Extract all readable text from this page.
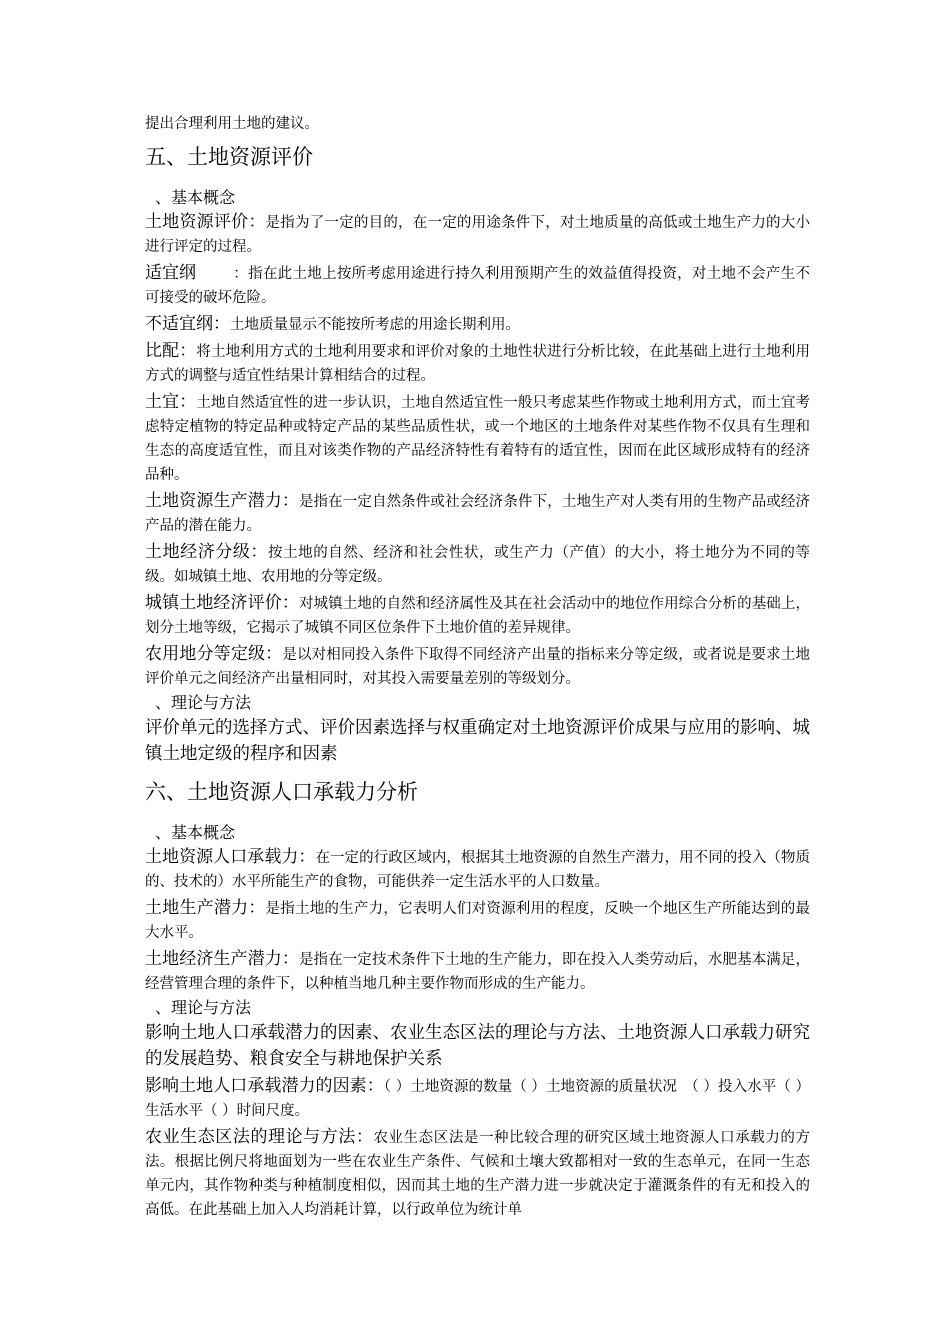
提出合理利用土地的建议。

五、土地资源评价

、基本概念

土地资源评价：是指为了一定的目的，在一定的用途条件下，对土地质量的高低或土地生产力的大小进行评定的过程。

适宜纲	：指在此土地上按所考虑用途进行持久利用预期产生的效益值得投资，对土地不会产生不可接受的破坏危险。

不适宜纲：土地质量显示不能按所考虑的用途长期利用。

比配：将土地利用方式的土地利用要求和评价对象的土地性状进行分析比较，在此基础上进行土地利用方式的调整与适宜性结果计算相结合的过程。

土宜：土地自然适宜性的进一步认识，土地自然适宜性一般只考虑某些作物或土地利用方式，而土宜考虑特定植物的特定品种或特定产品的某些品质性状，或一个地区的土地条件对某些作物不仅具有生理和生态的高度适宜性，而且对该类作物的产品经济特性有着特有的适宜性，因而在此区域形成特有的经济品种。

土地资源生产潜力：是指在一定自然条件或社会经济条件下，土地生产对人类有用的生物产品或经济产品的潜在能力。

土地经济分级：按土地的自然、经济和社会性状，或生产力（产值）的大小，将土地分为不同的等级。如城镇土地、农用地的分等定级。

城镇土地经济评价：对城镇土地的自然和经济属性及其在社会活动中的地位作用综合分析的基础上，划分土地等级，它揭示了城镇不同区位条件下土地价值的差异规律。

农用地分等定级：是以对相同投入条件下取得不同经济产出量的指标来分等定级，或者说是要求土地评价单元之间经济产出量相同时，对其投入需要量差别的等级划分。

、理论与方法

评价单元的选择方式、评价因素选择与权重确定对土地资源评价成果与应用的影响、城镇土地定级的程序和因素

六、土地资源人口承载力分析

、基本概念

土地资源人口承载力：在一定的行政区域内，根据其土地资源的自然生产潜力，用不同的投入（物质的、技术的）水平所能生产的食物，可能供养一定生活水平的人口数量。

土地生产潜力：是指土地的生产力，它表明人们对资源利用的程度，反映一个地区生产所能达到的最大水平。

土地经济生产潜力：是指在一定技术条件下土地的生产能力，即在投入人类劳动后，水肥基本满足，经营管理合理的条件下，以种植当地几种主要作物而形成的生产能力。

、理论与方法

影响土地人口承载潜力的因素、农业生态区法的理论与方法、土地资源人口承载力研究的发展趋势、粮食安全与耕地保护关系

影响土地人口承载潜力的因素：（ ）土地资源的数量（ ）土地资源的质量状况　（ ）投入水平（ ）生活水平（ ）时间尺度。

农业生态区法的理论与方法：农业生态区法是一种比较合理的研究区域土地资源人口承载力的方法。根据比例尺将地面划为一些在农业生产条件、气候和土壤大致都相对一致的生态单元，在同一生态单元内，其作物种类与种植制度相似，因而其土地的生产潜力进一步就决定于灌溉条件的有无和投入的高低。在此基础上加入人均消耗计算，以行政单位为统计单
